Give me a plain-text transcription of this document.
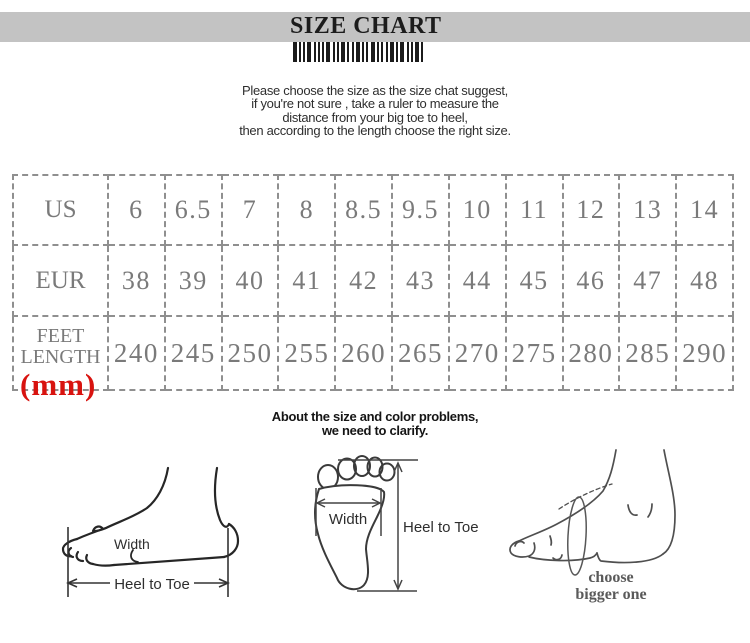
SIZE CHART
Please choose the size as the size chat suggest,
if you're not sure , take a ruler to measure the
distance from your big toe to heel,
then according to the length choose the right size.
US	6	6.5	7	8	8.5	9.5	10	11	12	13	14
EUR	38	39	40	41	42	43	44	45	46	47	48
FEET LENGTH	240	245	250	255	260	265	270	275	280	285	290
(mm)
About the size and color problems,
we need to clarify.
Width
Heel to Toe
Width Heel to Toe
choose
bigger one
